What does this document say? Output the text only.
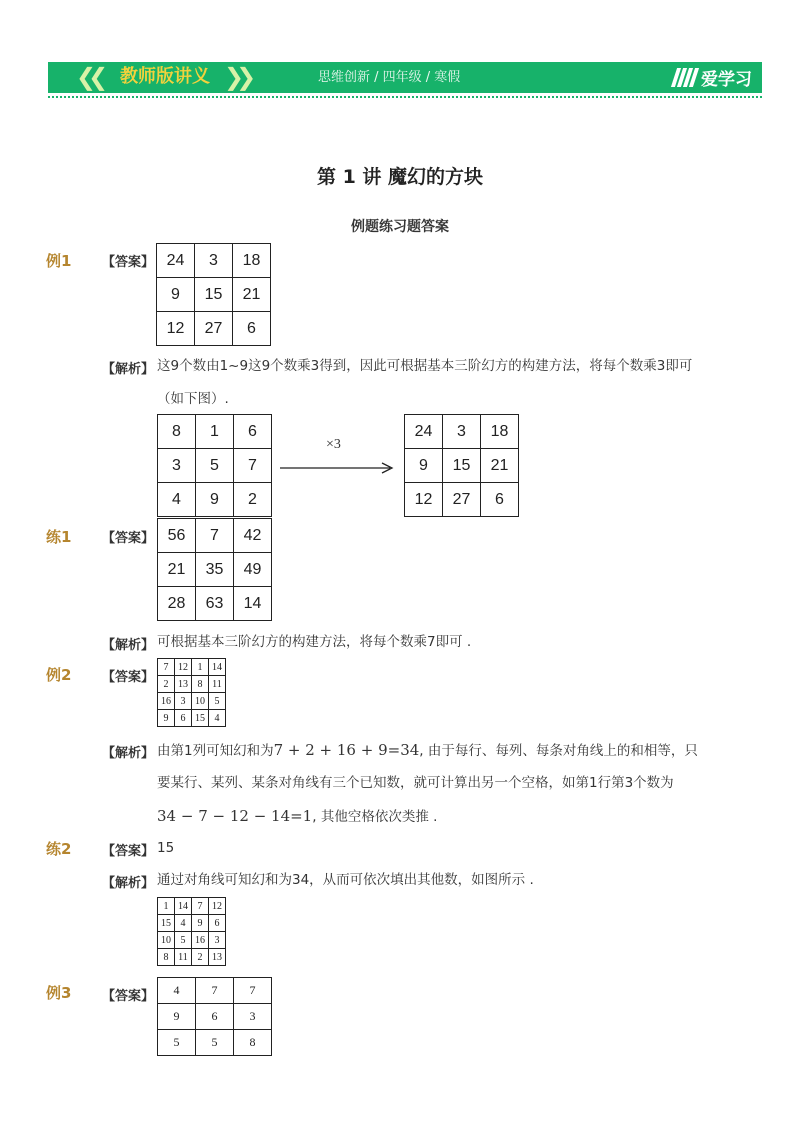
❮❮ 教师版讲义 ❯❯	思维创新 / 四年级 / 寒假	爱学习
第 1 讲 魔幻的方块
例题练习题答案
例1 【答案】 24	3	18
9	15	21
12	27	6
【解析】 这9个数由1~9这9个数乘3得到，因此可根据基本三阶幻方的构建方法，将每个数乘3即可
（如下图）.
8	1	6
3	5	7
4	9	2
×3
24	3	18
9	15	21
12	27	6
练1 【答案】 56	7	42
21	35	49
28	63	14
【解析】 可根据基本三阶幻方的构建方法，将每个数乘7即可 .
例2 【答案】
7	12	1	14
2	13	8	11
16	3	10	5
9	6	15	4
【解析】 由第1列可知幻和为7 + 2 + 16 + 9=34, 由于每行、每列、每条对角线上的和相等，只
要某行、某列、某条对角线有三个已知数，就可计算出另一个空格，如第1行第3个数为
34 − 7 − 12 − 14=1, 其他空格依次类推 .
练2 【答案】 15
【解析】 通过对角线可知幻和为34，从而可依次填出其他数，如图所示 .
1	14	7	12
15	4	9	6
10	5	16	3
8	11	2	13
例3 【答案】 4	7	7
9	6	3
5	5	8
